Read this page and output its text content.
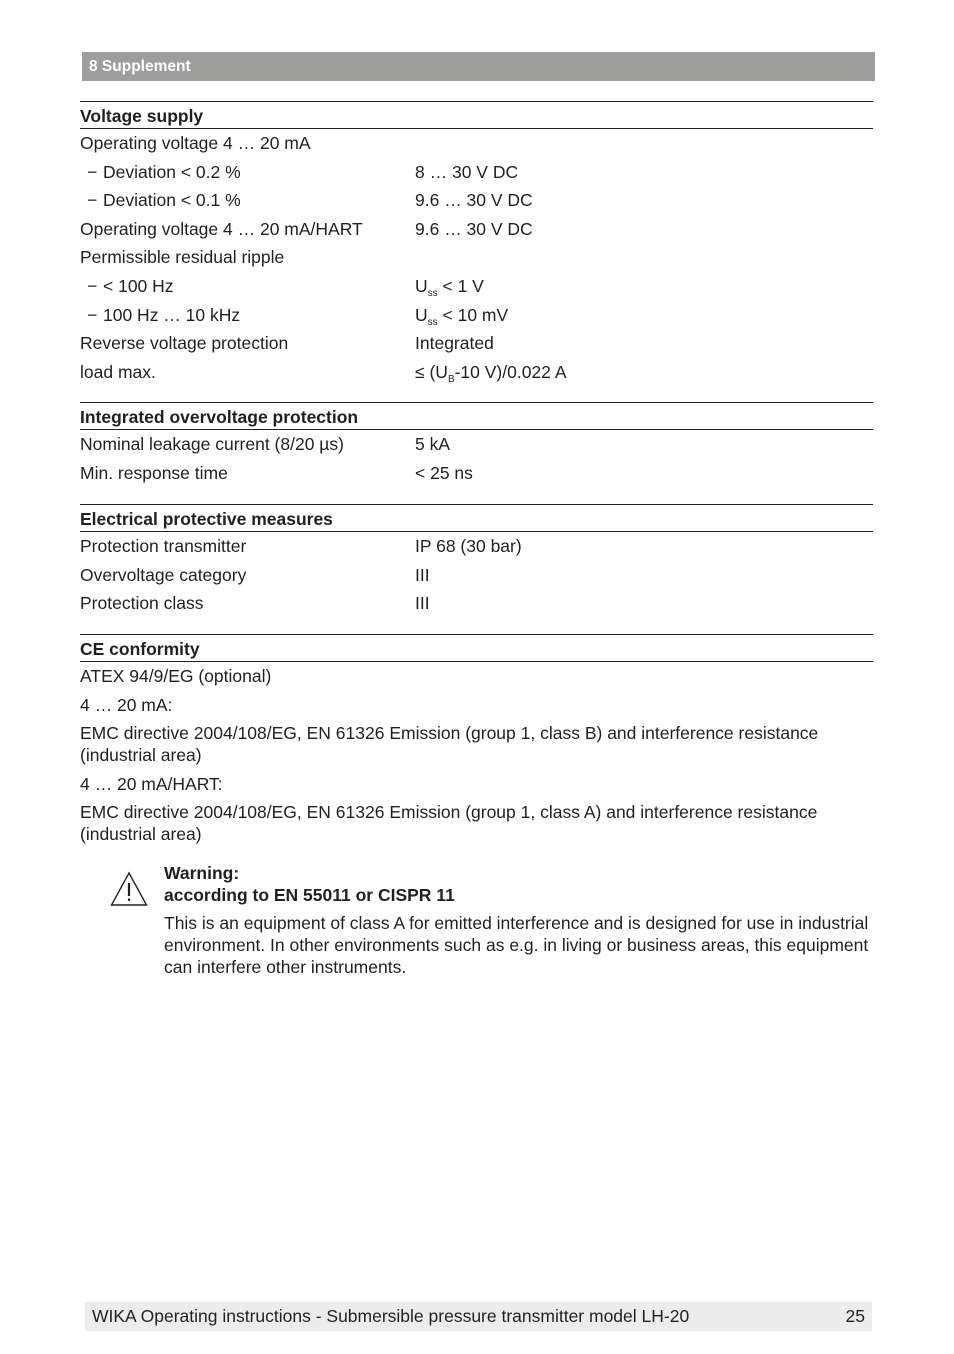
8 Supplement
Voltage supply
Operating voltage 4 … 20 mA
− Deviation < 0.2 %	8 … 30 V DC
− Deviation < 0.1 %	9.6 … 30 V DC
Operating voltage 4 … 20 mA/HART	9.6 … 30 V DC
Permissible residual ripple
− < 100 Hz	$U_{ss} < 1$ V
− 100 Hz … 10 kHz	$U_{ss} < 10$ mV
Reverse voltage protection	Integrated
load max.	≤ ($U_B-10$ V)/0.022 A
Integrated overvoltage protection
Nominal leakage current (8/20 µs)	5 kA
Min. response time	< 25 ns
Electrical protective measures
Protection transmitter	IP 68 (30 bar)
Overvoltage category	III
Protection class	III
CE conformity
ATEX 94/9/EG (optional)
4 … 20 mA:
EMC directive 2004/108/EG, EN 61326 Emission (group 1, class B) and interference resistance (industrial area)
4 … 20 mA/HART:
EMC directive 2004/108/EG, EN 61326 Emission (group 1, class A) and interference resistance (industrial area)
Warning:
according to EN 55011 or CISPR 11
This is an equipment of class A for emitted interference and is designed for use in industrial environment. In other environments such as e.g. in living or business areas, this equipment can interfere other instruments.
WIKA Operating instructions - Submersible pressure transmitter model LH-20	25
